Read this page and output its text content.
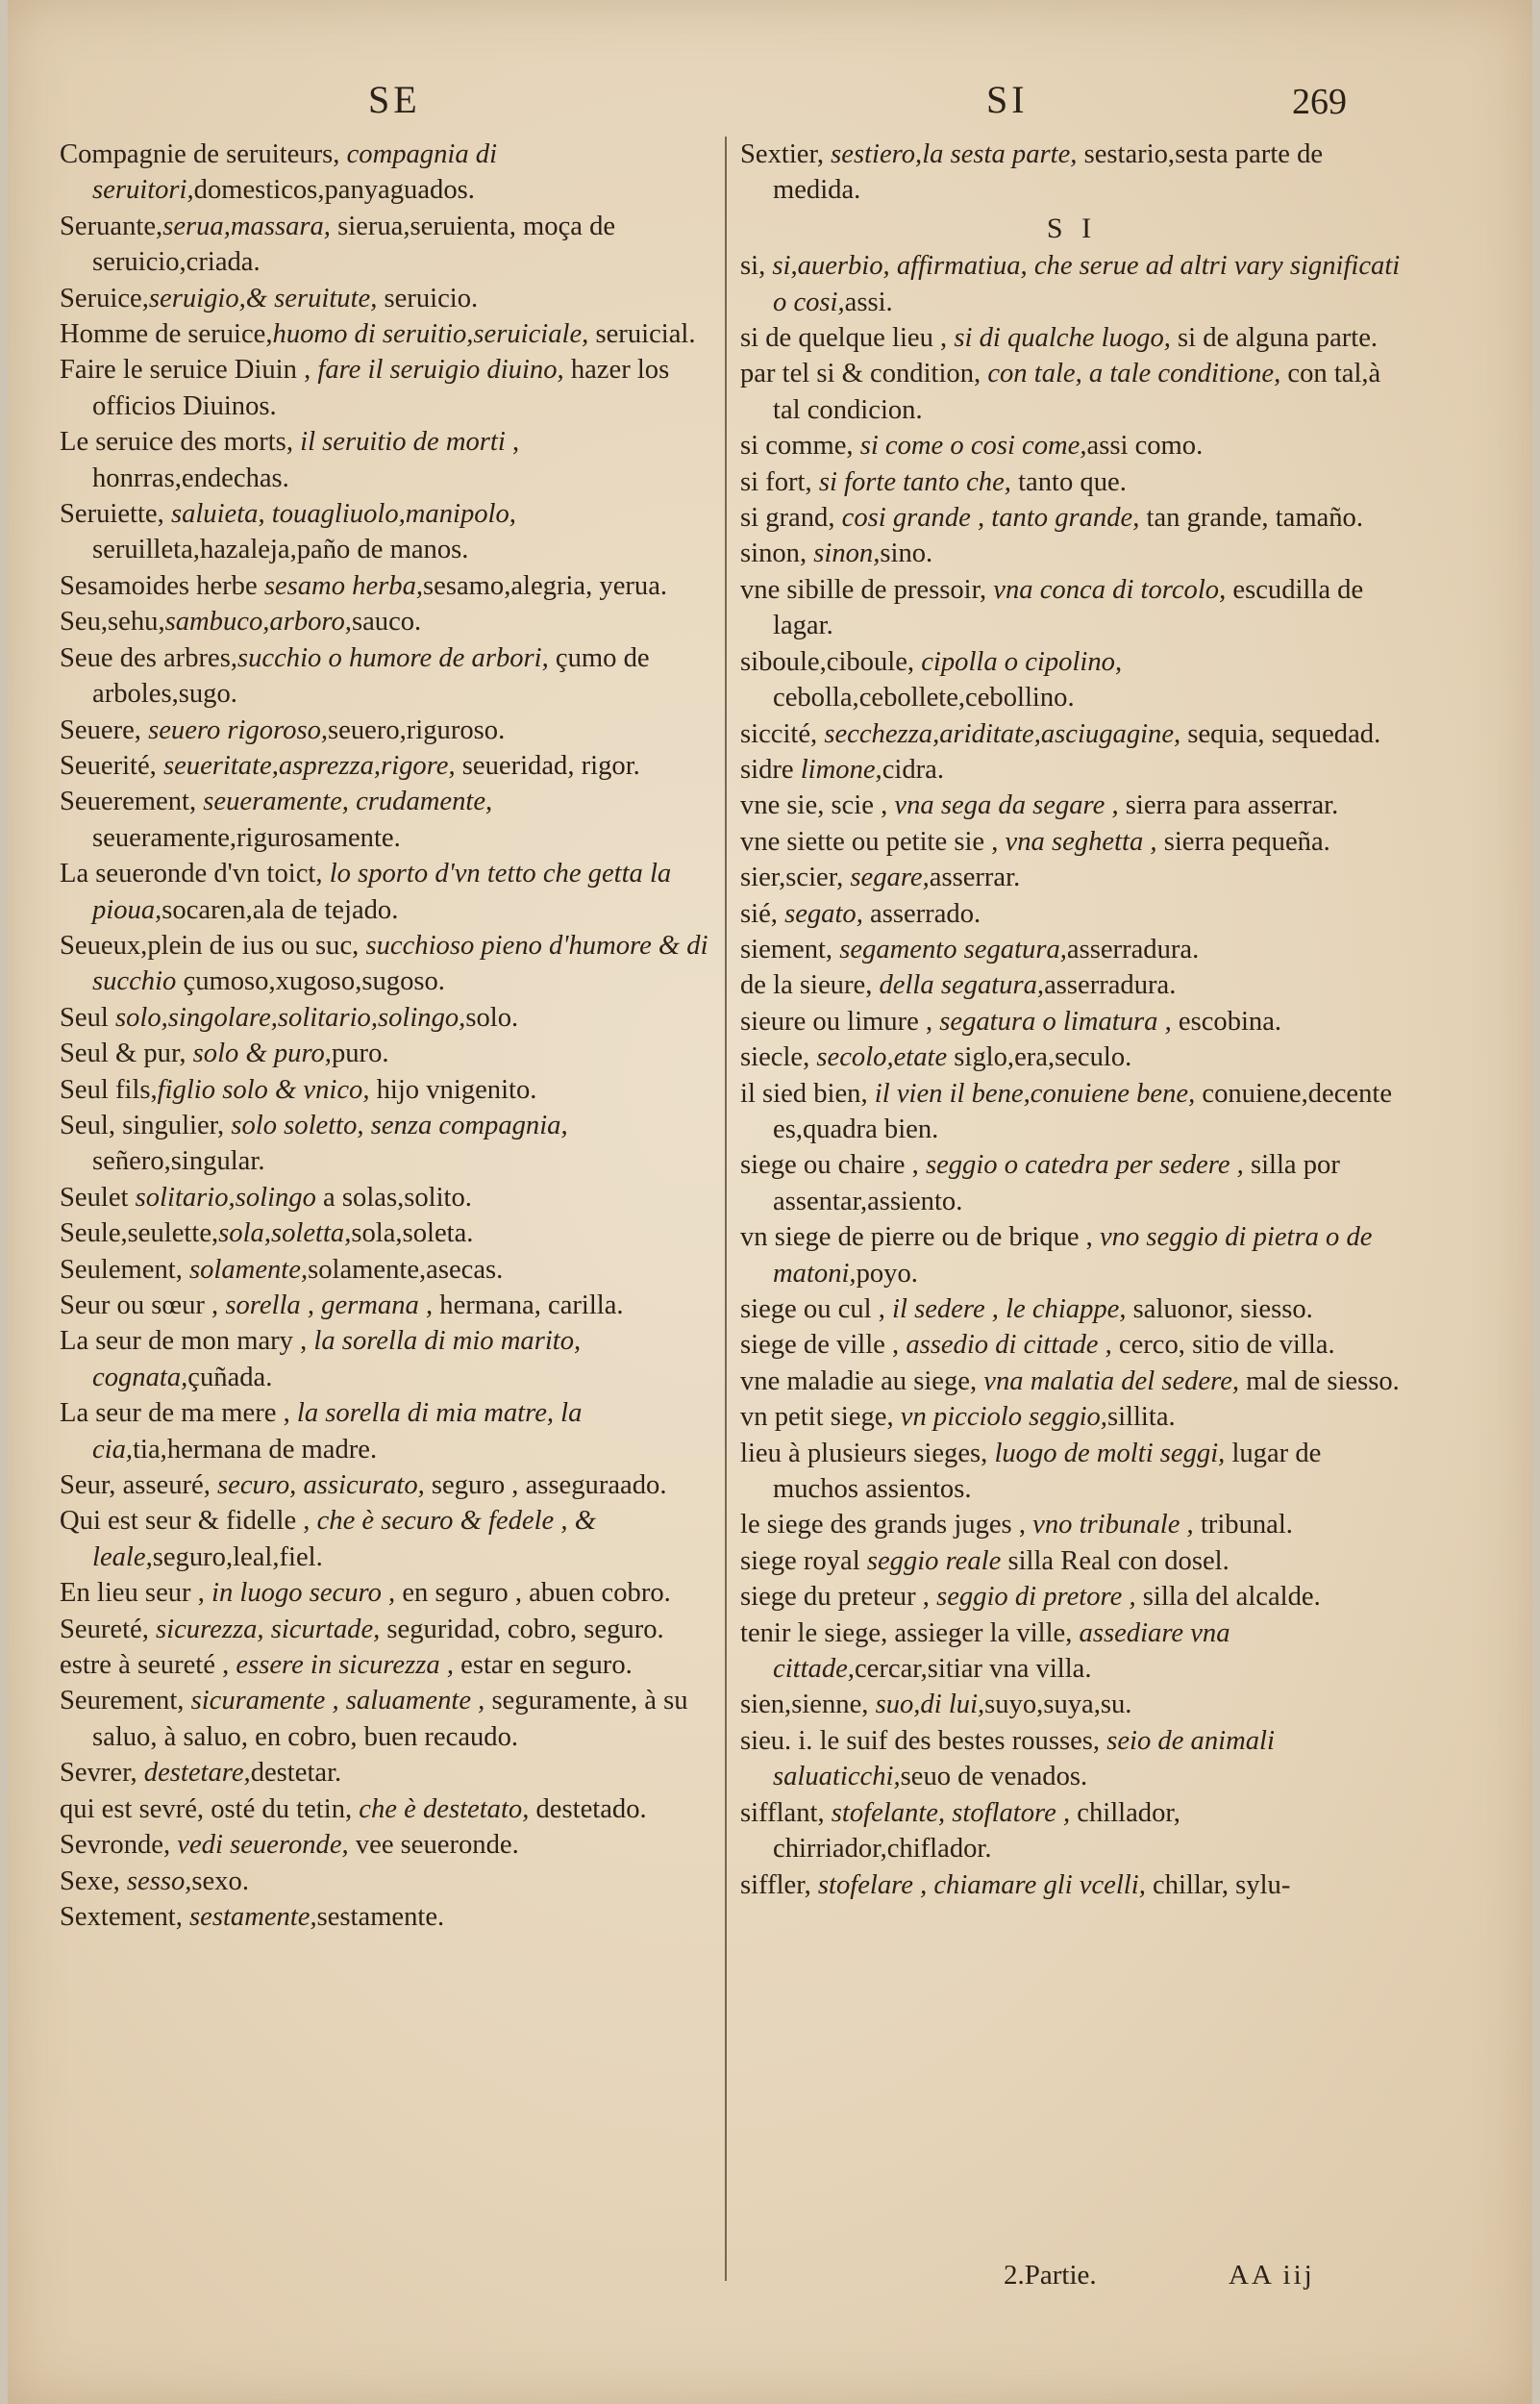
SE	SI	269

Compagnie de seruiteurs, compagnia di seruitori,domesticos,panyaguados.

Seruante,serua,massara, sierua,seruienta, moça de seruicio,criada.

Seruice,seruigio,& seruitute, seruicio.

Homme de seruice,huomo di seruitio,seruiciale, seruicial.

Faire le seruice Diuin , fare il seruigio diuino, hazer los officios Diuinos.

Le seruice des morts, il seruitio de morti , honrras,endechas.

Seruiette, saluieta, touagliuolo,manipolo, seruilleta,hazaleja,paño de manos.

Sesamoides herbe sesamo herba,sesamo,alegria, yerua.

Seu,sehu,sambuco,arboro,sauco.

Seue des arbres,succhio o humore de arbori, çumo de arboles,sugo.

Seuere, seuero rigoroso,seuero,rigurosο.

Seuerité, seueritate,asprezza,rigore, seueridad, rigor.

Seuerement, seueramente, crudamente, seueramente,rigurosamente.

La seueronde d'vn toict, lo sporto d'vn tetto che getta la pioua,socaren,ala de tejado.

Seueux,plein de ius ou suc, succhioso pieno d'humore & di succhio çumoso,xugoso,sugoso.

Seul solo,singolare,solitario,solingo,solo.

Seul & pur, solo & puro,puro.

Seul fils,figlio solo & vnico, hijo vnigenito.

Seul, singulier, solo soletto, senza compagnia, señero,singular.

Seulet solitario,solingo a solas,solito.

Seule,seulette,sola,soletta,sola,soleta.

Seulement, solamente,solamente,asecas.

Seur ou sœur , sorella , germana , hermana, carilla.

La seur de mon mary , la sorella di mio marito, cognata,çuñada.

La seur de ma mere , la sorella di mia matre, la cia,tia,hermana de madre.

Seur, asseuré, securo, assicurato, seguro , asseguraado.

Qui est seur & fidelle , che è securo & fedele , & leale,seguro,leal,fiel.

En lieu seur , in luogo securo , en seguro , abuen cobro.

Seureté, sicurezza, sicurtade, seguridad, cobro, seguro.

estre à seureté , essere in sicurezza , estar en seguro.

Seurement, sicuramente , saluamente , seguramente, à su saluo, à saluo, en cobro, buen recaudo.

Sevrer, destetare,destetar.

qui est sevré, osté du tetin, che è destetato, destetado.

Sevronde, vedi seueronde, vee seueronde.

Sexe, sesso,sexo.

Sextement, sestamente,sestamente.

Sextier, sestiero,la sesta parte, sestario,sesta parte de medida.

S I

si, si,auerbio, affirmatiua, che serue ad altri vary significati o cosi,assi.

si de quelque lieu , si di qualche luogo, si de alguna parte.

par tel si & condition, con tale, a tale conditione, con tal,à tal condicion.

si comme, si come o cosi come,assi como.

si fort, si forte tanto che, tanto que.

si grand, cosi grande , tanto grande, tan grande, tamaño.

sinon, sinon,sino.

vne sibille de pressoir, vna conca di torcolo, escudilla de lagar.

siboule,ciboule, cipolla o cipolino, cebolla,cebollete,cebollino.

siccité, secchezza,ariditate,asciugagine, sequia, sequedad.

sidre limone,cidra.

vne sie, scie , vna sega da segare , sierra para asserrar.

vne siette ou petite sie , vna seghetta , sierra pequeña.

sier,scier, segare,asserrar.

sié, segato, asserrado.

siement, segamento segatura,asserradura.

de la sieure, della segatura,asserradura.

sieure ou limure , segatura o limatura , escobina.

siecle, secolo,etate siglo,era,seculo.

il sied bien, il vien il bene,conuiene bene, conuiene,decente es,quadra bien.

siege ou chaire , seggio o catedra per sedere , silla por assentar,assiento.

vn siege de pierre ou de brique , vno seggio di pietra o de matoni,poyo.

siege ou cul , il sedere , le chiappe, saluonor, siesso.

siege de ville , assedio di cittade , cerco, sitio de villa.

vne maladie au siege, vna malatia del sedere, mal de siesso.

vn petit siege, vn picciolo seggio,sillita.

lieu à plusieurs sieges, luogo de molti seggi, lugar de muchos assientos.

le siege des grands juges , vno tribunale , tribunal.

siege royal seggio reale silla Real con dosel.

siege du preteur , seggio di pretore , silla del alcalde.

tenir le siege, assieger la ville, assediare vna cittade,cercar,sitiar vna villa.

sien,sienne, suo,di lui,suyo,suya,su.

sieu. i. le suif des bestes rousses, seio de animali saluaticchi,seuo de venados.

sifflant, stofelante, stoflatore , chillador, chirriador,chiflador.

siffler, stofelare , chiamare gli vcelli, chillar, sylu-

2.Partie.	AA iij
